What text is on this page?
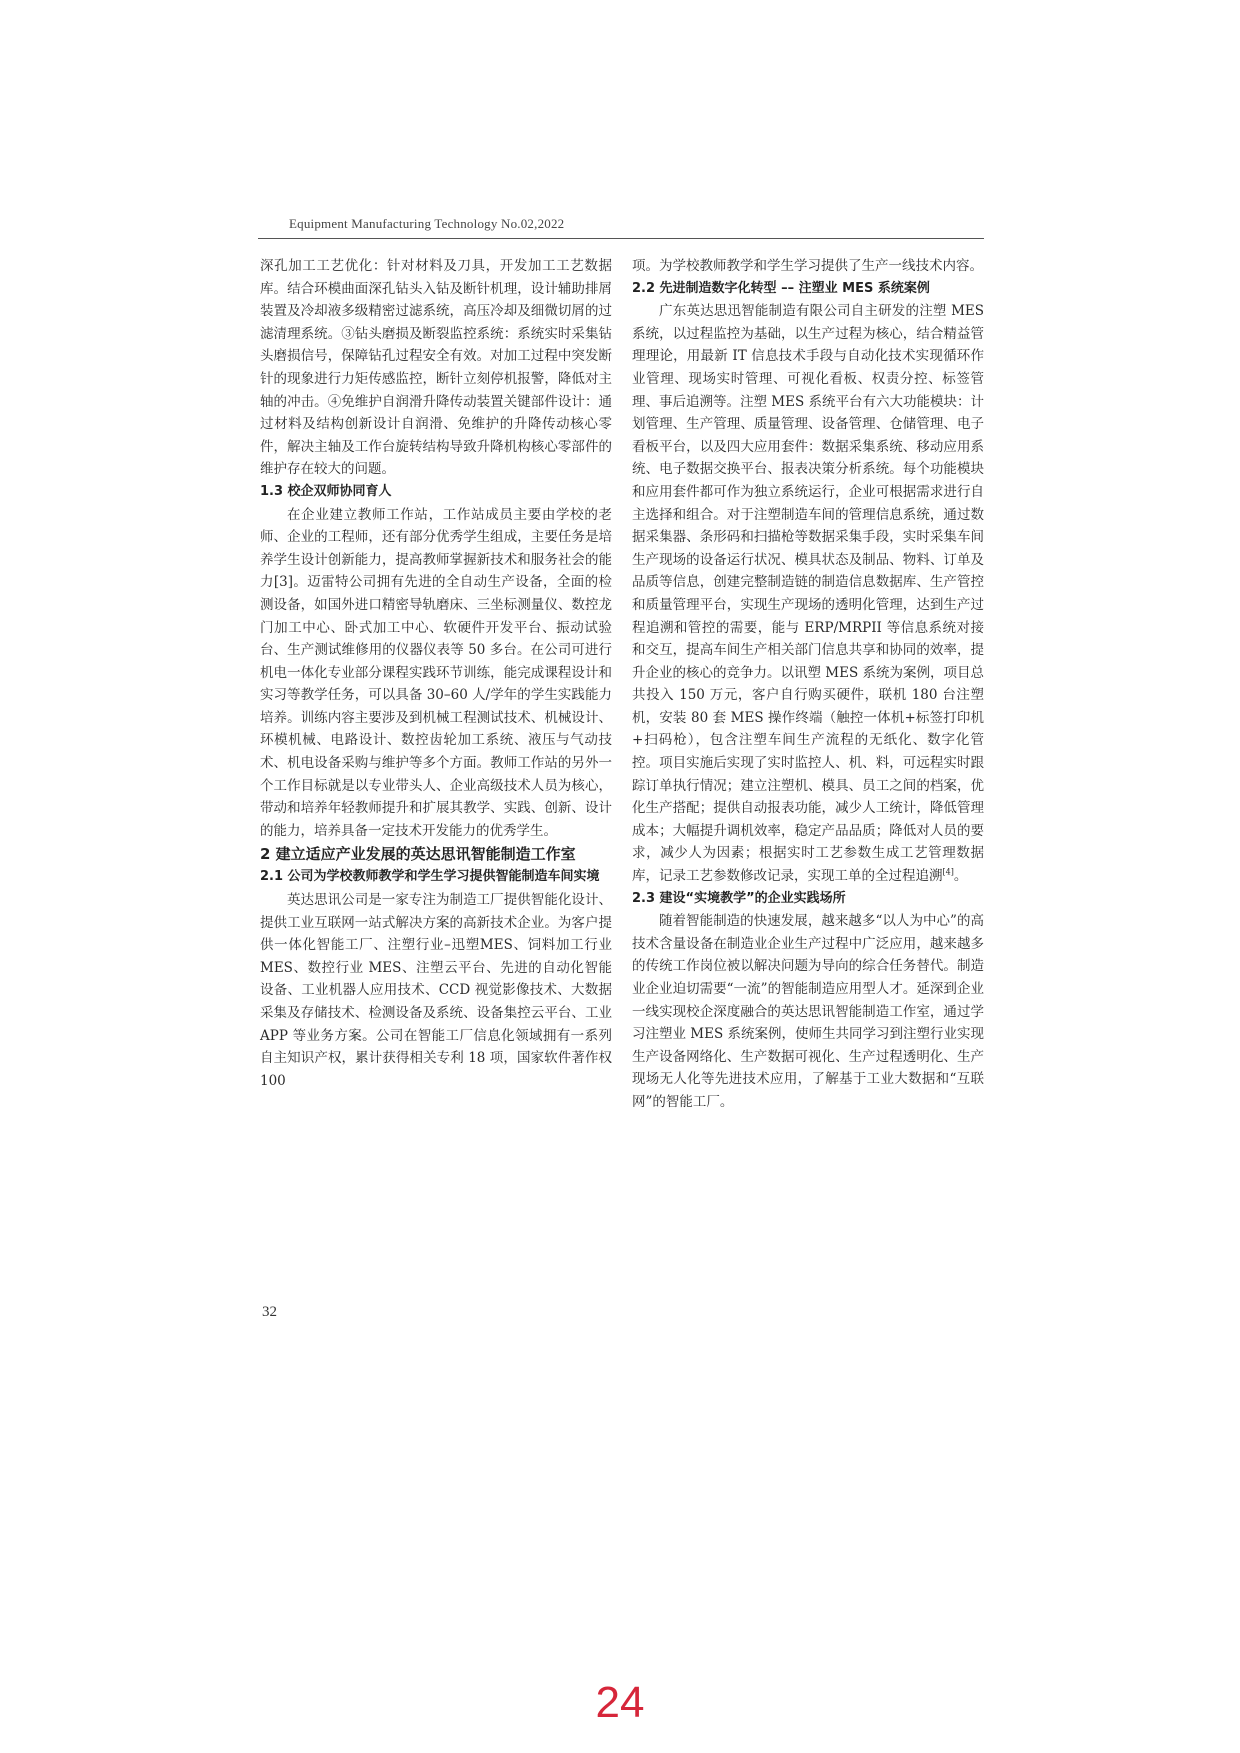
Equipment Manufacturing Technology No.02,2022

深孔加工工艺优化：针对材料及刀具，开发加工工艺数据库。结合环模曲面深孔钻头入钻及断针机理，设计辅助排屑装置及冷却液多级精密过滤系统，高压冷却及细微切屑的过滤清理系统。③钻头磨损及断裂监控系统：系统实时采集钻头磨损信号，保障钻孔过程安全有效。对加工过程中突发断针的现象进行力矩传感监控，断针立刻停机报警，降低对主轴的冲击。④免维护自润滑升降传动装置关键部件设计：通过材料及结构创新设计自润滑、免维护的升降传动核心零件，解决主轴及工作台旋转结构导致升降机构核心零部件的维护存在较大的问题。

1.3 校企双师协同育人

在企业建立教师工作站，工作站成员主要由学校的老师、企业的工程师，还有部分优秀学生组成，主要任务是培养学生设计创新能力，提高教师掌握新技术和服务社会的能力[3]。迈雷特公司拥有先进的全自动生产设备，全面的检测设备，如国外进口精密导轨磨床、三坐标测量仪、数控龙门加工中心、卧式加工中心、软硬件开发平台、振动试验台、生产测试维修用的仪器仪表等 50 多台。在公司可进行机电一体化专业部分课程实践环节训练，能完成课程设计和实习等教学任务，可以具备 30–60 人/学年的学生实践能力培养。训练内容主要涉及到机械工程测试技术、机械设计、环模机械、电路设计、数控齿轮加工系统、液压与气动技术、机电设备采购与维护等多个方面。教师工作站的另外一个工作目标就是以专业带头人、企业高级技术人员为核心，带动和培养年轻教师提升和扩展其教学、实践、创新、设计的能力，培养具备一定技术开发能力的优秀学生。

2 建立适应产业发展的英达思讯智能制造工作室

2.1 公司为学校教师教学和学生学习提供智能制造车间实境

英达思讯公司是一家专注为制造工厂提供智能化设计、提供工业互联网一站式解决方案的高新技术企业。为客户提供一体化智能工厂、注塑行业–迅塑MES、饲料加工行业 MES、数控行业 MES、注塑云平台、先进的自动化智能设备、工业机器人应用技术、CCD 视觉影像技术、大数据采集及存储技术、检测设备及系统、设备集控云平台、工业 APP 等业务方案。公司在智能工厂信息化领域拥有一系列自主知识产权，累计获得相关专利 18 项，国家软件著作权 100

项。为学校教师教学和学生学习提供了生产一线技术内容。

2.2 先进制造数字化转型 –– 注塑业 MES 系统案例

广东英达思迅智能制造有限公司自主研发的注塑 MES 系统，以过程监控为基础，以生产过程为核心，结合精益管理理论，用最新 IT 信息技术手段与自动化技术实现循环作业管理、现场实时管理、可视化看板、权责分控、标签管理、事后追溯等。注塑 MES 系统平台有六大功能模块：计划管理、生产管理、质量管理、设备管理、仓储管理、电子看板平台，以及四大应用套件：数据采集系统、移动应用系统、电子数据交换平台、报表决策分析系统。每个功能模块和应用套件都可作为独立系统运行，企业可根据需求进行自主选择和组合。对于注塑制造车间的管理信息系统，通过数据采集器、条形码和扫描枪等数据采集手段，实时采集车间生产现场的设备运行状况、模具状态及制品、物料、订单及品质等信息，创建完整制造链的制造信息数据库、生产管控和质量管理平台，实现生产现场的透明化管理，达到生产过程追溯和管控的需要，能与 ERP/MRPII 等信息系统对接和交互，提高车间生产相关部门信息共享和协同的效率，提升企业的核心的竞争力。以讯塑 MES 系统为案例，项目总共投入 150 万元，客户自行购买硬件，联机 180 台注塑机，安装 80 套 MES 操作终端（触控一体机+标签打印机+扫码枪），包含注塑车间生产流程的无纸化、数字化管控。项目实施后实现了实时监控人、机、料，可远程实时跟踪订单执行情况；建立注塑机、模具、员工之间的档案，优化生产搭配；提供自动报表功能，减少人工统计，降低管理成本；大幅提升调机效率，稳定产品品质；降低对人员的要求，减少人为因素；根据实时工艺参数生成工艺管理数据库，记录工艺参数修改记录，实现工单的全过程追溯[4]。

2.3 建设“实境教学”的企业实践场所

随着智能制造的快速发展，越来越多“以人为中心”的高技术含量设备在制造业企业生产过程中广泛应用，越来越多的传统工作岗位被以解决问题为导向的综合任务替代。制造业企业迫切需要“一流”的智能制造应用型人才。延深到企业一线实现校企深度融合的英达思讯智能制造工作室，通过学习注塑业 MES 系统案例，使师生共同学习到注塑行业实现生产设备网络化、生产数据可视化、生产过程透明化、生产现场无人化等先进技术应用，了解基于工业大数据和“互联网”的智能工厂。

32
24
